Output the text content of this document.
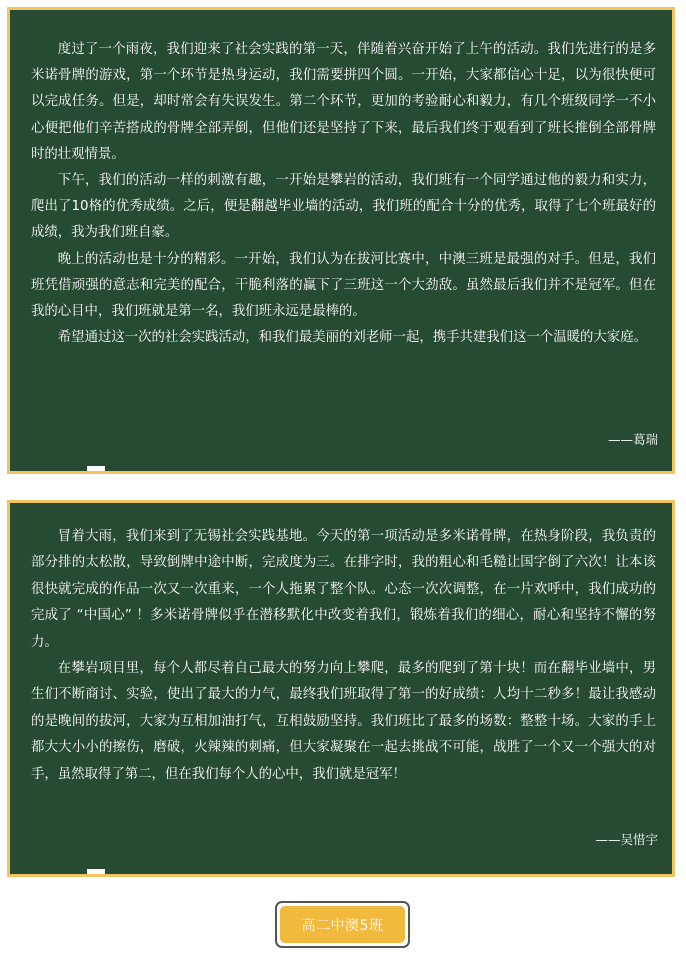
度过了一个雨夜，我们迎来了社会实践的第一天，伴随着兴奋开始了上午的活动。我们先进行的是多米诺骨牌的游戏，第一个环节是热身运动，我们需要拼四个圆。一开始，大家都信心十足，以为很快便可以完成任务。但是，却时常会有失误发生。第二个环节，更加的考验耐心和毅力，有几个班级同学一不小心便把他们辛苦搭成的骨牌全部弄倒，但他们还是坚持了下来，最后我们终于观看到了班长推倒全部骨牌时的壮观情景。

下午，我们的活动一样的刺激有趣，一开始是攀岩的活动，我们班有一个同学通过他的毅力和实力，爬出了10格的优秀成绩。之后，便是翻越毕业墙的活动，我们班的配合十分的优秀，取得了七个班最好的成绩，我为我们班自豪。

晚上的活动也是十分的精彩。一开始，我们认为在拔河比赛中，中澳三班是最强的对手。但是，我们班凭借顽强的意志和完美的配合，干脆利落的赢下了三班这一个大劲敌。虽然最后我们并不是冠军。但在我的心目中，我们班就是第一名，我们班永远是最棒的。

希望通过这一次的社会实践活动，和我们最美丽的刘老师一起，携手共建我们这一个温暖的大家庭。

——葛瑞

冒着大雨，我们来到了无锡社会实践基地。今天的第一项活动是多米诺骨牌，在热身阶段，我负责的部分排的太松散，导致倒牌中途中断，完成度为三。在排字时，我的粗心和毛糙让国字倒了六次！让本该很快就完成的作品一次又一次重来，一个人拖累了整个队。心态一次次调整，在一片欢呼中，我们成功的完成了 “中国心” ！多米诺骨牌似乎在潜移默化中改变着我们，锻炼着我们的细心，耐心和坚持不懈的努力。

在攀岩项目里，每个人都尽着自己最大的努力向上攀爬，最多的爬到了第十块！而在翻毕业墙中，男生们不断商讨、实验，使出了最大的力气，最终我们班取得了第一的好成绩：人均十二秒多！最让我感动的是晚间的拔河，大家为互相加油打气，互相鼓励坚持。我们班比了最多的场数：整整十场。大家的手上都大大小小的擦伤，磨破，火辣辣的刺痛，但大家凝聚在一起去挑战不可能，战胜了一个又一个强大的对手，虽然取得了第二，但在我们每个人的心中，我们就是冠军！

——吴惜宇
高二中澳5班
